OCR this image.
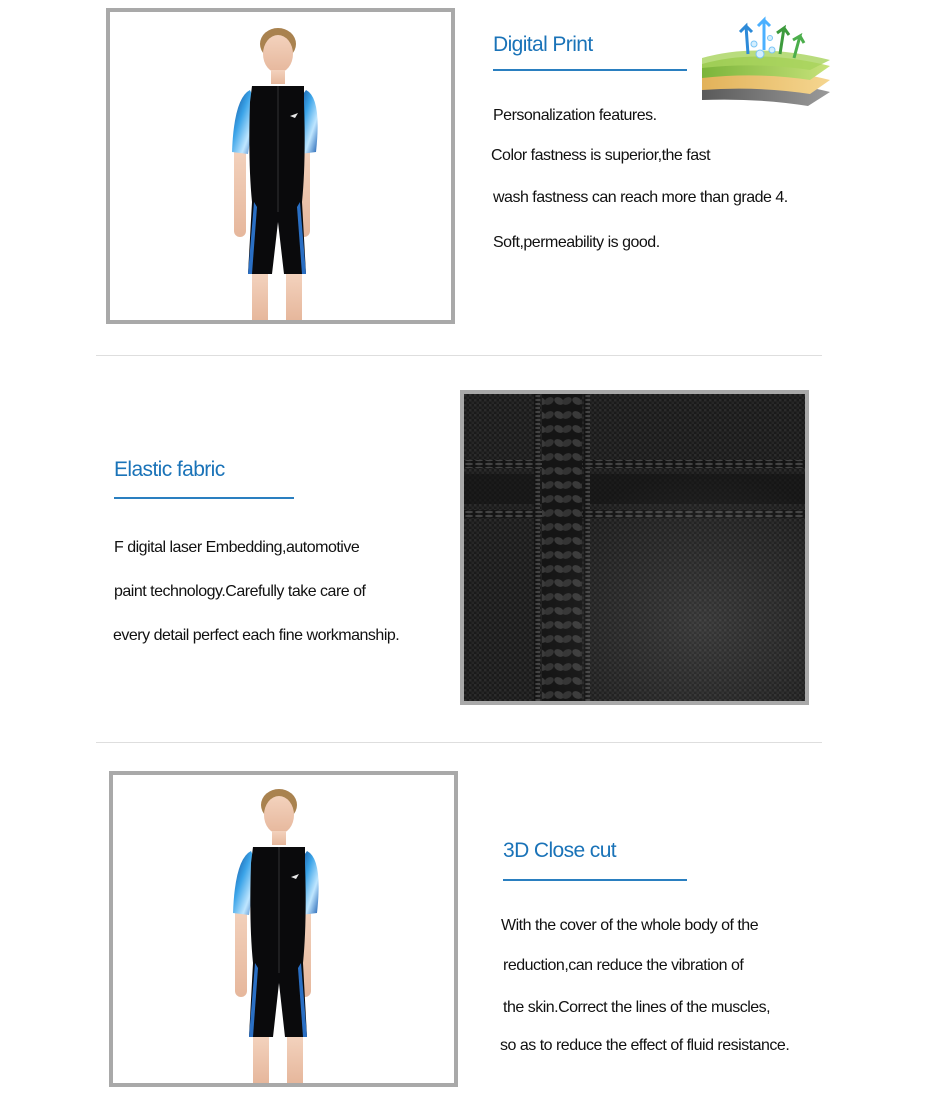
Digital Print
Personalization features.
Color fastness is superior,the fast
wash fastness can reach more than grade 4.
Soft,permeability is good.
Elastic fabric
F digital laser Embedding,automotive
paint technology.Carefully take care of
every detail perfect each fine workmanship.
3D Close cut
With the cover of the whole body of the
reduction,can reduce the vibration of
the skin.Correct the lines of the muscles,
so as to reduce the effect of fluid resistance.
